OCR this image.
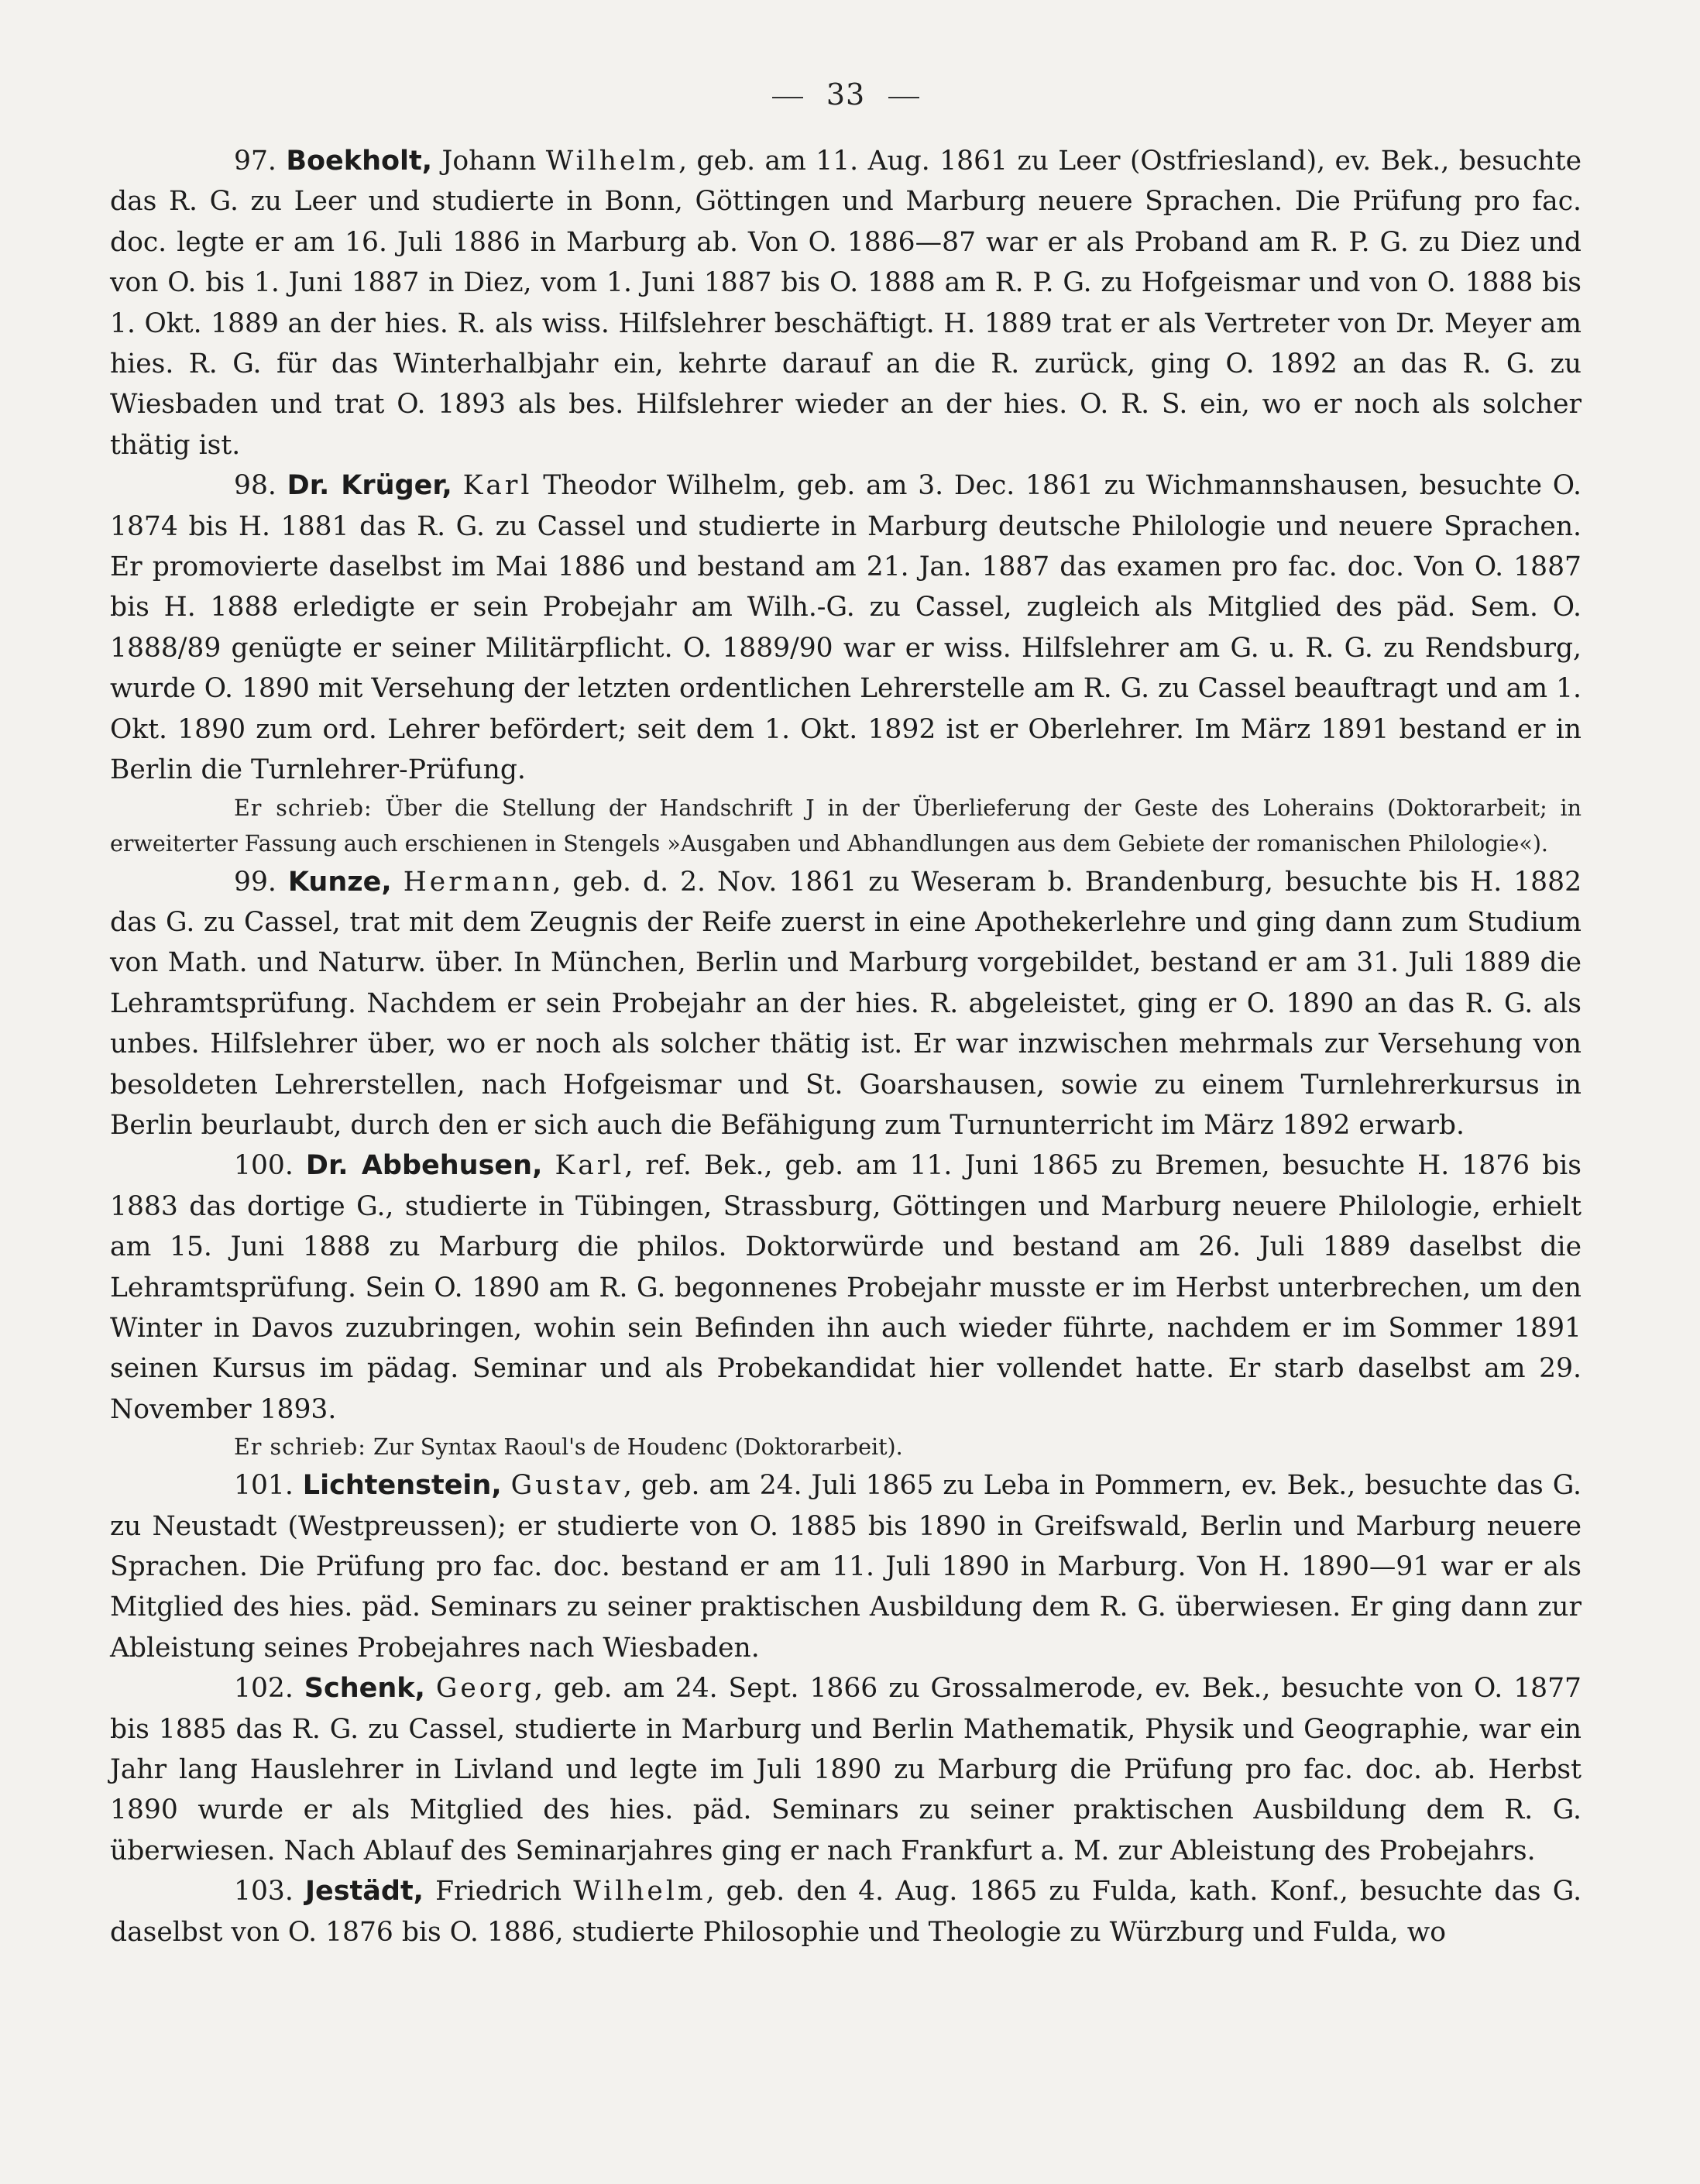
33

97. Boekholt, Johann Wilhelm, geb. am 11. Aug. 1861 zu Leer (Ostfriesland), ev. Bek., besuchte das R. G. zu Leer und studierte in Bonn, Göttingen und Marburg neuere Sprachen. Die Prüfung pro fac. doc. legte er am 16. Juli 1886 in Marburg ab. Von O. 1886—87 war er als Proband am R. P. G. zu Diez und von O. bis 1. Juni 1887 in Diez, vom 1. Juni 1887 bis O. 1888 am R. P. G. zu Hofgeismar und von O. 1888 bis 1. Okt. 1889 an der hies. R. als wiss. Hilfslehrer beschäftigt. H. 1889 trat er als Vertreter von Dr. Meyer am hies. R. G. für das Winterhalbjahr ein, kehrte darauf an die R. zurück, ging O. 1892 an das R. G. zu Wiesbaden und trat O. 1893 als bes. Hilfslehrer wieder an der hies. O. R. S. ein, wo er noch als solcher thätig ist.

98. Dr. Krüger, Karl Theodor Wilhelm, geb. am 3. Dec. 1861 zu Wichmannshausen, besuchte O. 1874 bis H. 1881 das R. G. zu Cassel und studierte in Marburg deutsche Philologie und neuere Sprachen. Er promovierte daselbst im Mai 1886 und bestand am 21. Jan. 1887 das examen pro fac. doc. Von O. 1887 bis H. 1888 erledigte er sein Probejahr am Wilh.-G. zu Cassel, zugleich als Mitglied des päd. Sem. O. 1888/89 genügte er seiner Militärpflicht. O. 1889/90 war er wiss. Hilfslehrer am G. u. R. G. zu Rendsburg, wurde O. 1890 mit Versehung der letzten ordentlichen Lehrerstelle am R. G. zu Cassel beauftragt und am 1. Okt. 1890 zum ord. Lehrer befördert; seit dem 1. Okt. 1892 ist er Oberlehrer. Im März 1891 bestand er in Berlin die Turnlehrer-Prüfung.

Er schrieb: Über die Stellung der Handschrift J in der Überlieferung der Geste des Loherains (Doktorarbeit; in erweiterter Fassung auch erschienen in Stengels »Ausgaben und Abhandlungen aus dem Gebiete der romanischen Philologie«).

99. Kunze, Hermann, geb. d. 2. Nov. 1861 zu Weseram b. Brandenburg, besuchte bis H. 1882 das G. zu Cassel, trat mit dem Zeugnis der Reife zuerst in eine Apothekerlehre und ging dann zum Studium von Math. und Naturw. über. In München, Berlin und Marburg vorgebildet, bestand er am 31. Juli 1889 die Lehramtsprüfung. Nachdem er sein Probejahr an der hies. R. abgeleistet, ging er O. 1890 an das R. G. als unbes. Hilfslehrer über, wo er noch als solcher thätig ist. Er war inzwischen mehrmals zur Versehung von besoldeten Lehrerstellen, nach Hofgeismar und St. Goarshausen, sowie zu einem Turnlehrerkursus in Berlin beurlaubt, durch den er sich auch die Befähigung zum Turnunterricht im März 1892 erwarb.

100. Dr. Abbehusen, Karl, ref. Bek., geb. am 11. Juni 1865 zu Bremen, besuchte H. 1876 bis 1883 das dortige G., studierte in Tübingen, Strassburg, Göttingen und Marburg neuere Philologie, erhielt am 15. Juni 1888 zu Marburg die philos. Doktorwürde und bestand am 26. Juli 1889 daselbst die Lehramtsprüfung. Sein O. 1890 am R. G. begonnenes Probejahr musste er im Herbst unterbrechen, um den Winter in Davos zuzubringen, wohin sein Befinden ihn auch wieder führte, nachdem er im Sommer 1891 seinen Kursus im pädag. Seminar und als Probekandidat hier vollendet hatte. Er starb daselbst am 29. November 1893.

Er schrieb: Zur Syntax Raoul's de Houdenc (Doktorarbeit).

101. Lichtenstein, Gustav, geb. am 24. Juli 1865 zu Leba in Pommern, ev. Bek., besuchte das G. zu Neustadt (Westpreussen); er studierte von O. 1885 bis 1890 in Greifswald, Berlin und Marburg neuere Sprachen. Die Prüfung pro fac. doc. bestand er am 11. Juli 1890 in Marburg. Von H. 1890—91 war er als Mitglied des hies. päd. Seminars zu seiner praktischen Ausbildung dem R. G. überwiesen. Er ging dann zur Ableistung seines Probejahres nach Wiesbaden.

102. Schenk, Georg, geb. am 24. Sept. 1866 zu Grossalmerode, ev. Bek., besuchte von O. 1877 bis 1885 das R. G. zu Cassel, studierte in Marburg und Berlin Mathematik, Physik und Geographie, war ein Jahr lang Hauslehrer in Livland und legte im Juli 1890 zu Marburg die Prüfung pro fac. doc. ab. Herbst 1890 wurde er als Mitglied des hies. päd. Seminars zu seiner praktischen Ausbildung dem R. G. überwiesen. Nach Ablauf des Seminarjahres ging er nach Frankfurt a. M. zur Ableistung des Probejahrs.

103. Jestädt, Friedrich Wilhelm, geb. den 4. Aug. 1865 zu Fulda, kath. Konf., besuchte das G. daselbst von O. 1876 bis O. 1886, studierte Philosophie und Theologie zu Würzburg und Fulda, wo
